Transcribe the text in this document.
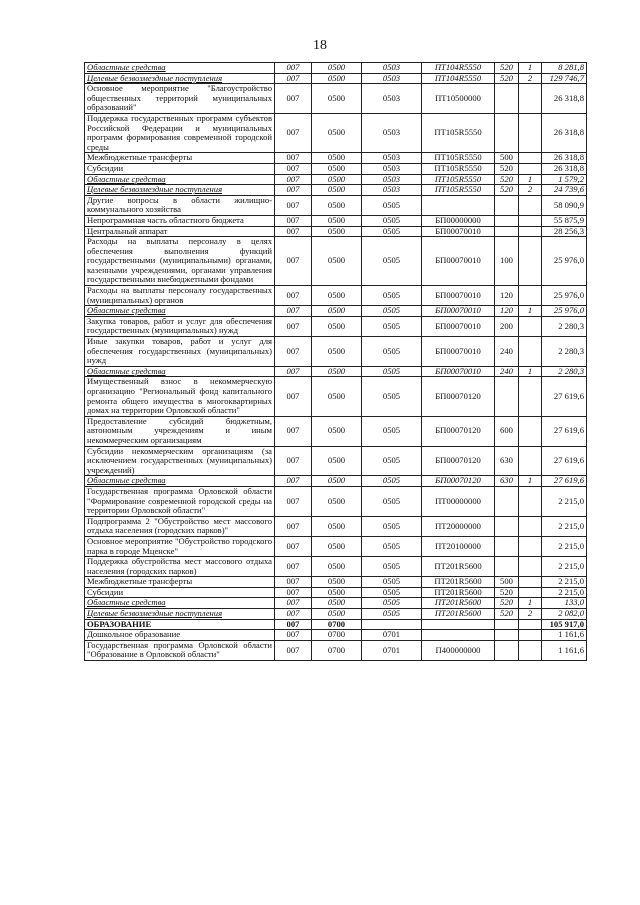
18
Областные средства	007	0500	0503	ПТ104R5550	520	1	8 281,8
Целевые безвозмездные поступления	007	0500	0503	ПТ104R5550	520	2	129 746,7
Основное мероприятие "Благоустройство общественных территорий муниципальных образований"	007	0500	0503	ПТ10500000			26 318,8
Поддержка государственных программ субъектов Российской Федерации и муниципальных программ формирования современной городской среды	007	0500	0503	ПТ105R5550			26 318,8
Межбюджетные трансферты	007	0500	0503	ПТ105R5550	500		26 318,8
Субсидии	007	0500	0503	ПТ105R5550	520		26 318,8
Областные средства	007	0500	0503	ПТ105R5550	520	1	1 579,2
Целевые безвозмездные поступления	007	0500	0503	ПТ105R5550	520	2	24 739,6
Другие вопросы в области жилищно-коммунального хозяйства	007	0500	0505				58 090,9
Непрограммная часть областного бюджета	007	0500	0505	БП00000000			55 875,9
Центральный аппарат	007	0500	0505	БП00070010			28 256,3
Расходы на выплаты персоналу в целях обеспечения выполнения функций государственными (муниципальными) органами, казенными учреждениями, органами управления государственными внебюджетными фондами	007	0500	0505	БП00070010	100		25 976,0
Расходы на выплаты персоналу государственных (муниципальных) органов	007	0500	0505	БП00070010	120		25 976,0
Областные средства	007	0500	0505	БП00070010	120	1	25 976,0
Закупка товаров, работ и услуг для обеспечения государственных (муниципальных) нужд	007	0500	0505	БП00070010	200		2 280,3
Иные закупки товаров, работ и услуг для обеспечения государственных (муниципальных) нужд	007	0500	0505	БП00070010	240		2 280,3
Областные средства	007	0500	0505	БП00070010	240	1	2 280,3
Имущественный взнос в некоммерческую организацию "Региональный фонд капитального ремонта общего имущества в многоквартирных домах на территории Орловской области"	007	0500	0505	БП00070120			27 619,6
Предоставление субсидий бюджетным, автономным учреждениям и иным некоммерческим организациям	007	0500	0505	БП00070120	600		27 619,6
Субсидии некоммерческим организациям (за исключением государственных (муниципальных) учреждений)	007	0500	0505	БП00070120	630		27 619,6
Областные средства	007	0500	0505	БП00070120	630	1	27 619,6
Государственная программа Орловской области "Формирование современной городской среды на территории Орловской области"	007	0500	0505	ПТ00000000			2 215,0
Подпрограмма 2 "Обустройство мест массового отдыха населения (городских парков)"	007	0500	0505	ПТ20000000			2 215,0
Основное мероприятие "Обустройство городского парка в городе Мценске"	007	0500	0505	ПТ20100000			2 215,0
Поддержка обустройства мест массового отдыха населения (городских парков)	007	0500	0505	ПТ201R5600			2 215,0
Межбюджетные трансферты	007	0500	0505	ПТ201R5600	500		2 215,0
Субсидии	007	0500	0505	ПТ201R5600	520		2 215,0
Областные средства	007	0500	0505	ПТ201R5600	520	1	133,0
Целевые безвозмездные поступления	007	0500	0505	ПТ201R5600	520	2	2 082,0
ОБРАЗОВАНИЕ	007	0700					105 917,0
Дошкольное образование	007	0700	0701				1 161,6
Государственная программа Орловской области "Образование в Орловской области"	007	0700	0701	П400000000			1 161,6
